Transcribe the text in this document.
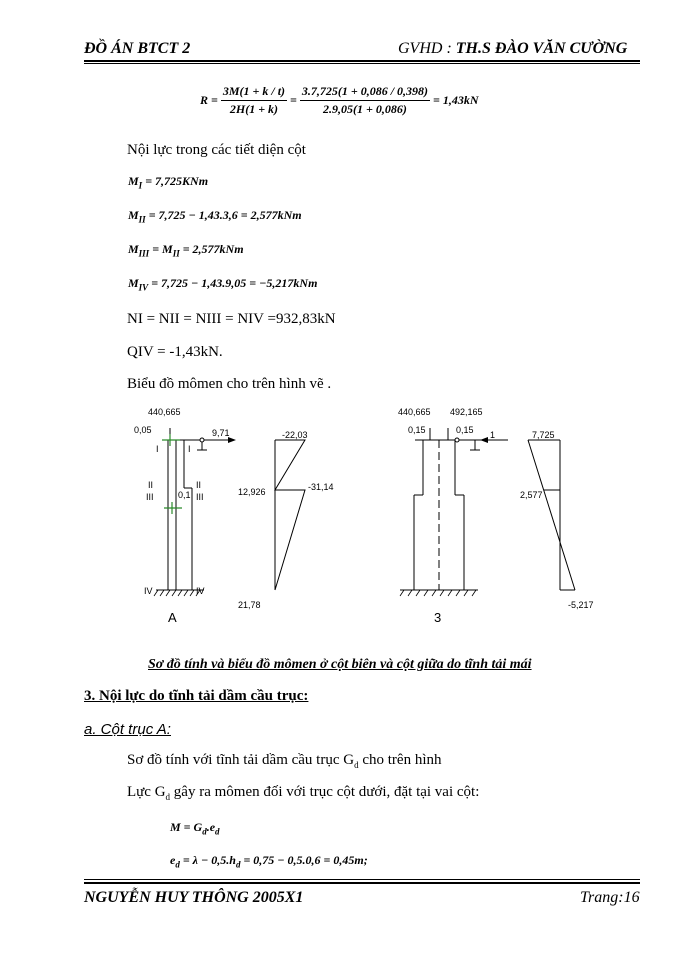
ĐỒ ÁN BTCT 2	GVHD : TH.S ĐÀO VĂN CƯỜNG
$R = \frac{3M(1 + k / t)}{2H(1 + k)} = \frac{3.7,725(1 + 0,086 / 0,398)}{2.9,05(1 + 0,086)} = 1,43kN$
Nội lực trong các tiết diện cột
$M_I = 7,725KNm$
$M_{II} = 7,725 - 1,43.3,6 = 2,577kNm$
$M_{III} = M_{II} = 2,577kNm$
$M_{IV} = 7,725 - 1,43.9,05 = -5,217kNm$
NI = NII = NIII = NIV =932,83kN
QIV = -1,43kN.
Biểu đồ mômen cho trên hình vẽ .
440,665
0,05	9,71
I	I
II	II
III	III
0,1
IV	IV
A
-22,03
12,926	-31,14
21,78
440,665 492,165
0,15	0,15 1
3
7,725
2,577
-5,217
Sơ đồ tính và biểu đồ mômen ở cột biên và cột giữa do tĩnh tải mái
3. Nội lực do tĩnh tải dầm cầu trục:
a. Cột trục A:
Sơ đồ tính với tĩnh tải dầm cầu trục $G_d$ cho trên hình
Lực $G_d$ gây ra mômen đối với trục cột dưới, đặt tại vai cột:
$M = G_d.e_d$
$e_d = \lambda - 0,5.h_d = 0,75 - 0,5.0,6 = 0,45m$;
NGUYỄN HUY THÔNG 2005X1	Trang:16
